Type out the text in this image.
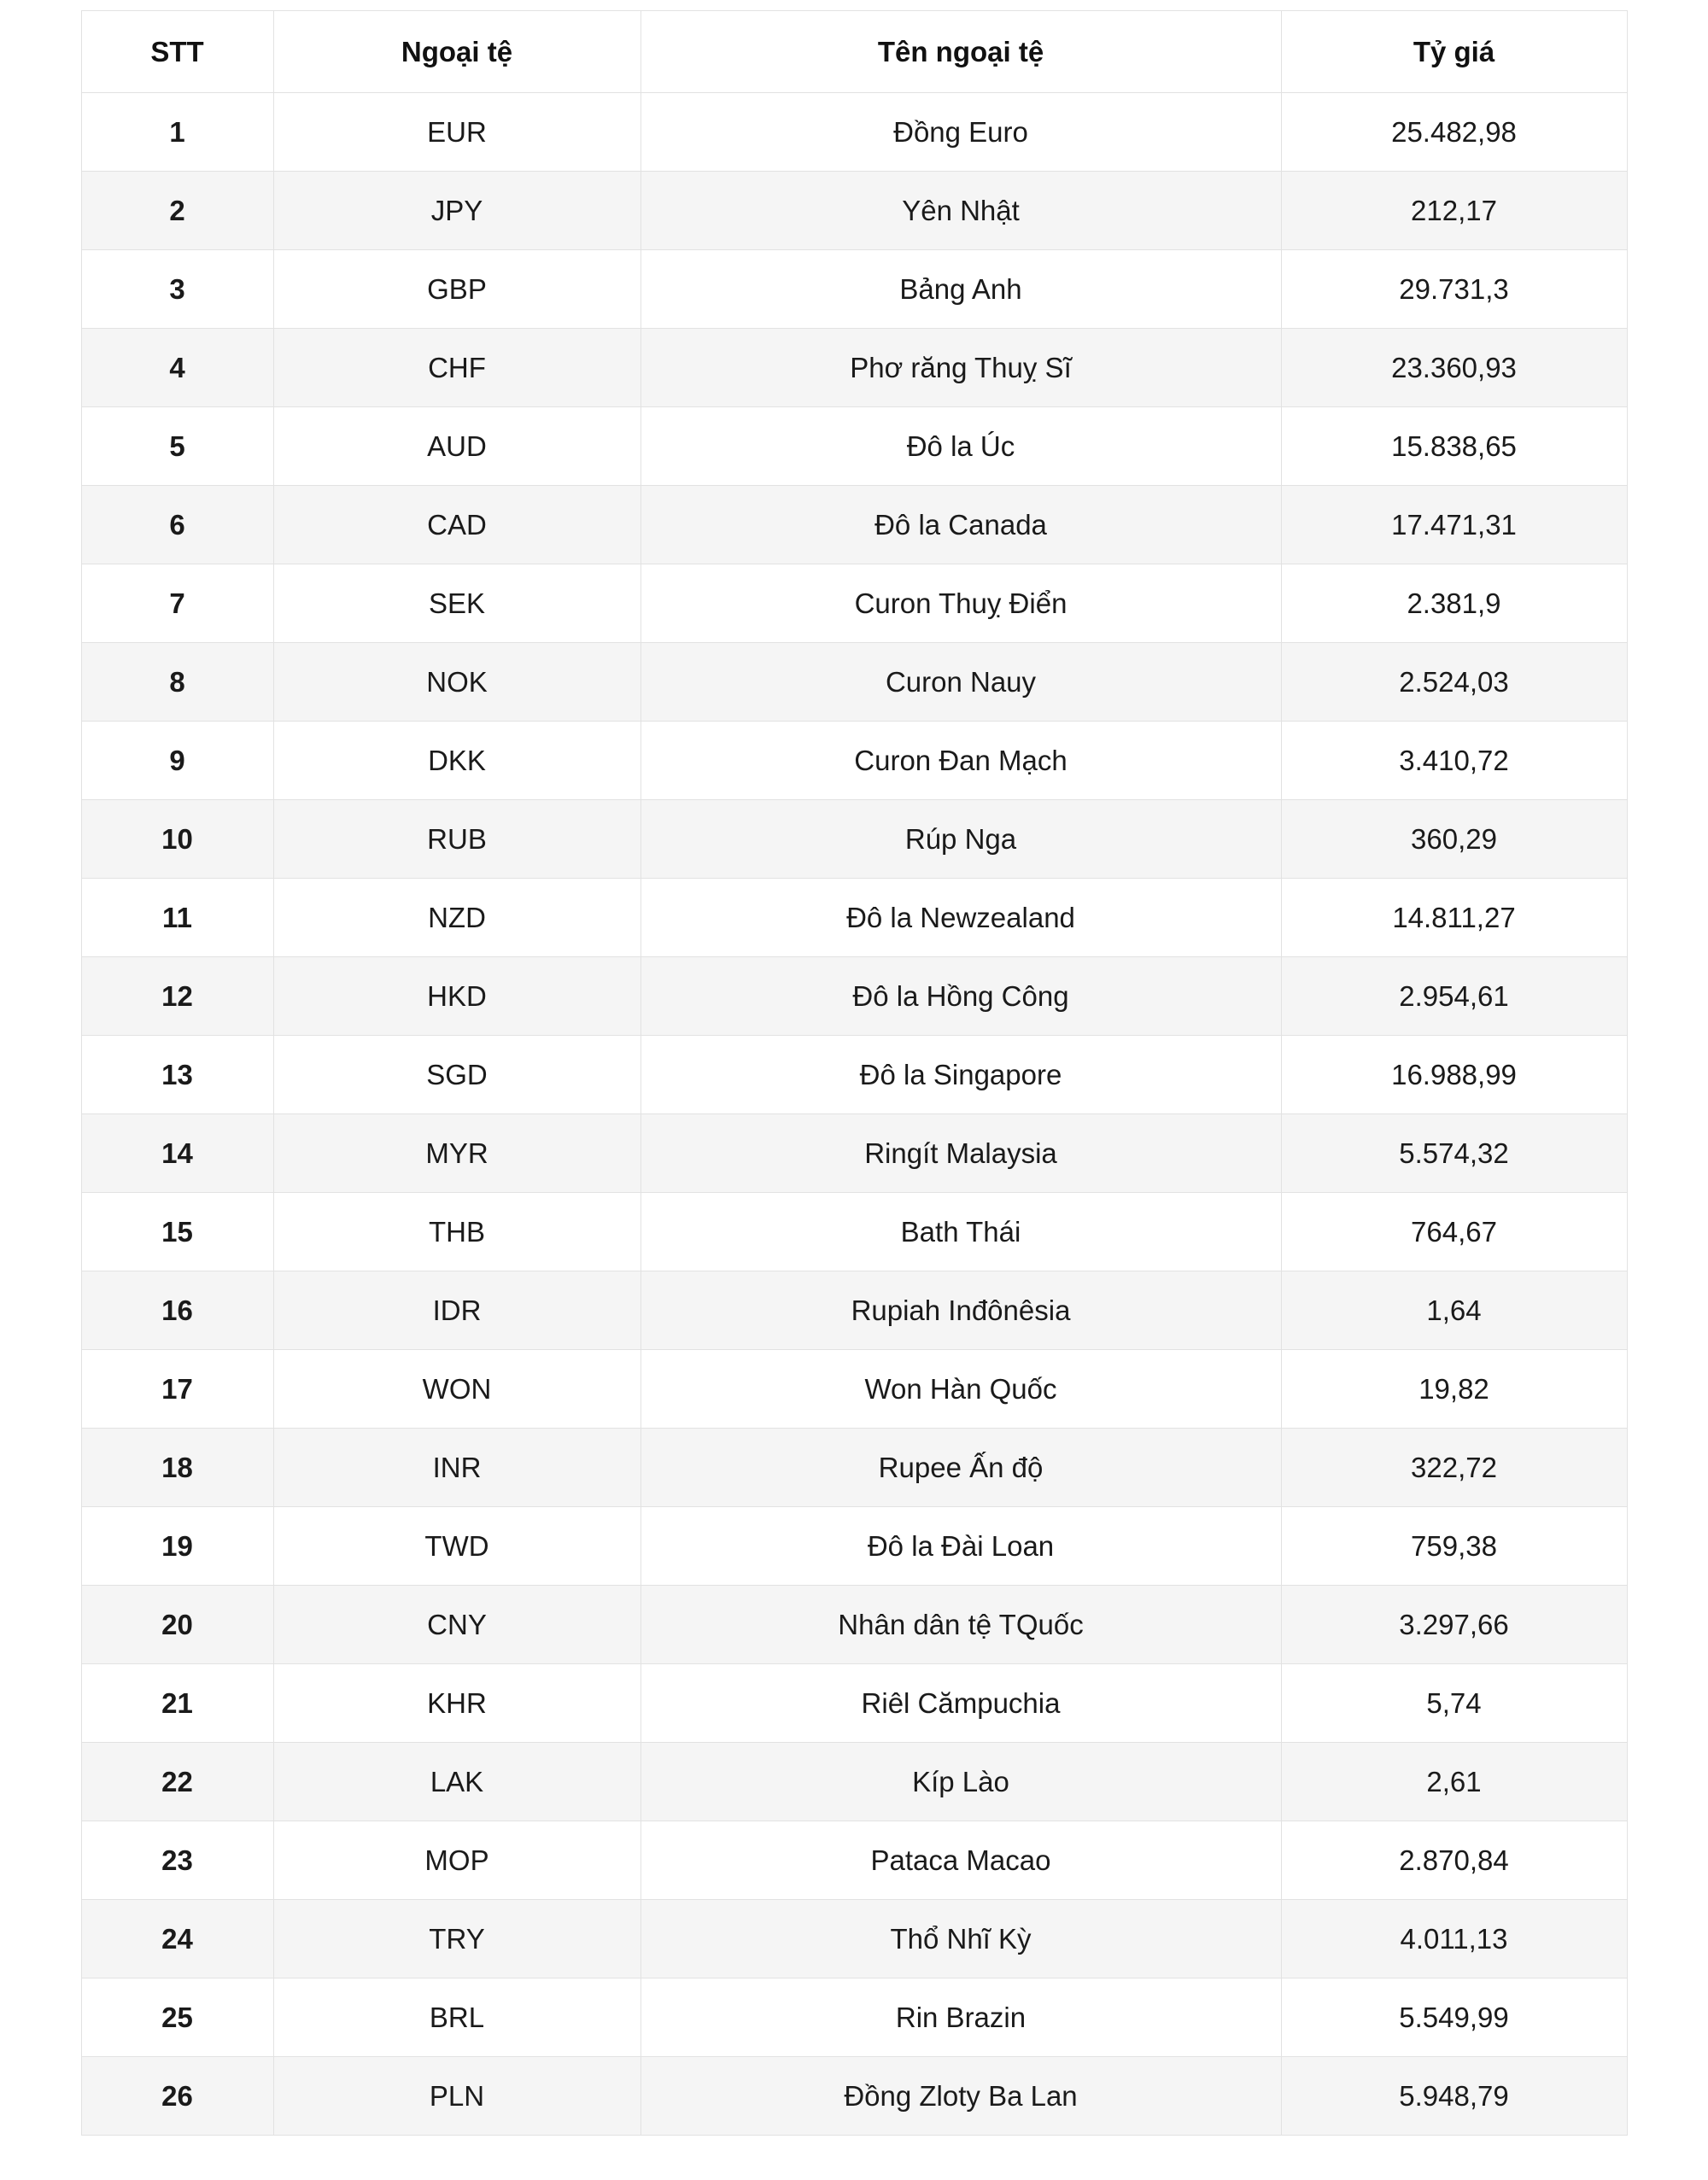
STT	Ngoại tệ	Tên ngoại tệ	Tỷ giá
1	EUR	Đồng Euro	25.482,98
2	JPY	Yên Nhật	212,17
3	GBP	Bảng Anh	29.731,3
4	CHF	Phơ răng Thuỵ Sĩ	23.360,93
5	AUD	Đô la Úc	15.838,65
6	CAD	Đô la Canada	17.471,31
7	SEK	Curon Thuỵ Điển	2.381,9
8	NOK	Curon Nauy	2.524,03
9	DKK	Curon Đan Mạch	3.410,72
10	RUB	Rúp Nga	360,29
11	NZD	Đô la Newzealand	14.811,27
12	HKD	Đô la Hồng Công	2.954,61
13	SGD	Đô la Singapore	16.988,99
14	MYR	Ringít Malaysia	5.574,32
15	THB	Bath Thái	764,67
16	IDR	Rupiah Inđônêsia	1,64
17	WON	Won Hàn Quốc	19,82
18	INR	Rupee Ấn độ	322,72
19	TWD	Đô la Đài Loan	759,38
20	CNY	Nhân dân tệ TQuốc	3.297,66
21	KHR	Riêl Cămpuchia	5,74
22	LAK	Kíp Lào	2,61
23	MOP	Pataca Macao	2.870,84
24	TRY	Thổ Nhĩ Kỳ	4.011,13
25	BRL	Rin Brazin	5.549,99
26	PLN	Đồng Zloty Ba Lan	5.948,79
